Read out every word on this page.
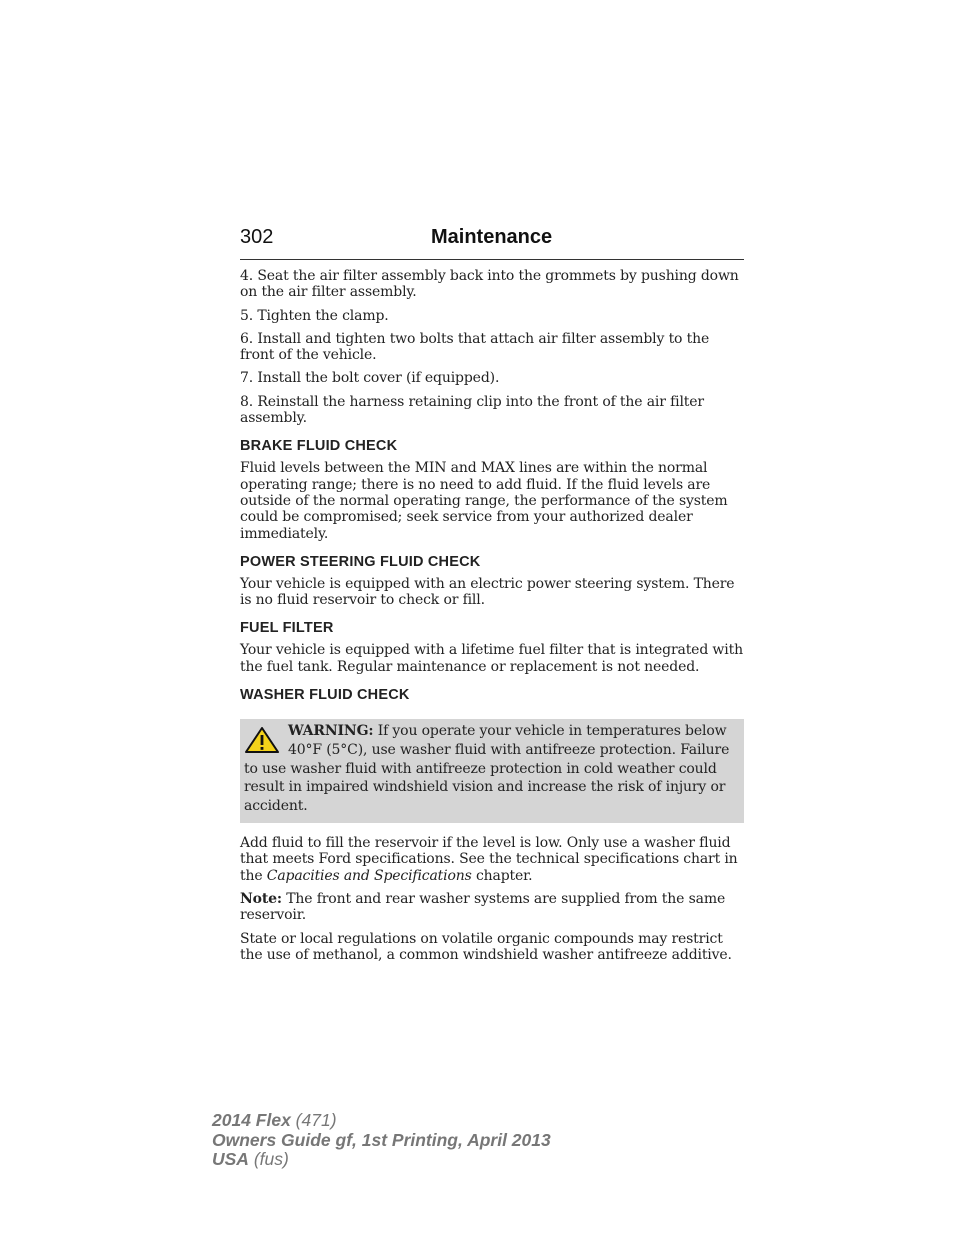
302	Maintenance

4. Seat the air filter assembly back into the grommets by pushing down on the air filter assembly.

5. Tighten the clamp.

6. Install and tighten two bolts that attach air filter assembly to the front of the vehicle.

7. Install the bolt cover (if equipped).

8. Reinstall the harness retaining clip into the front of the air filter assembly.

BRAKE FLUID CHECK

Fluid levels between the MIN and MAX lines are within the normal operating range; there is no need to add fluid. If the fluid levels are outside of the normal operating range, the performance of the system could be compromised; seek service from your authorized dealer immediately.

POWER STEERING FLUID CHECK

Your vehicle is equipped with an electric power steering system. There is no fluid reservoir to check or fill.

FUEL FILTER

Your vehicle is equipped with a lifetime fuel filter that is integrated with the fuel tank. Regular maintenance or replacement is not needed.

WASHER FLUID CHECK

WARNING: If you operate your vehicle in temperatures below 40°F (5°C), use washer fluid with antifreeze protection. Failure to use washer fluid with antifreeze protection in cold weather could result in impaired windshield vision and increase the risk of injury or accident.

Add fluid to fill the reservoir if the level is low. Only use a washer fluid that meets Ford specifications. See the technical specifications chart in the Capacities and Specifications chapter.

Note: The front and rear washer systems are supplied from the same reservoir.

State or local regulations on volatile organic compounds may restrict the use of methanol, a common windshield washer antifreeze additive.

2014 Flex (471)
Owners Guide gf, 1st Printing, April 2013
USA (fus)
